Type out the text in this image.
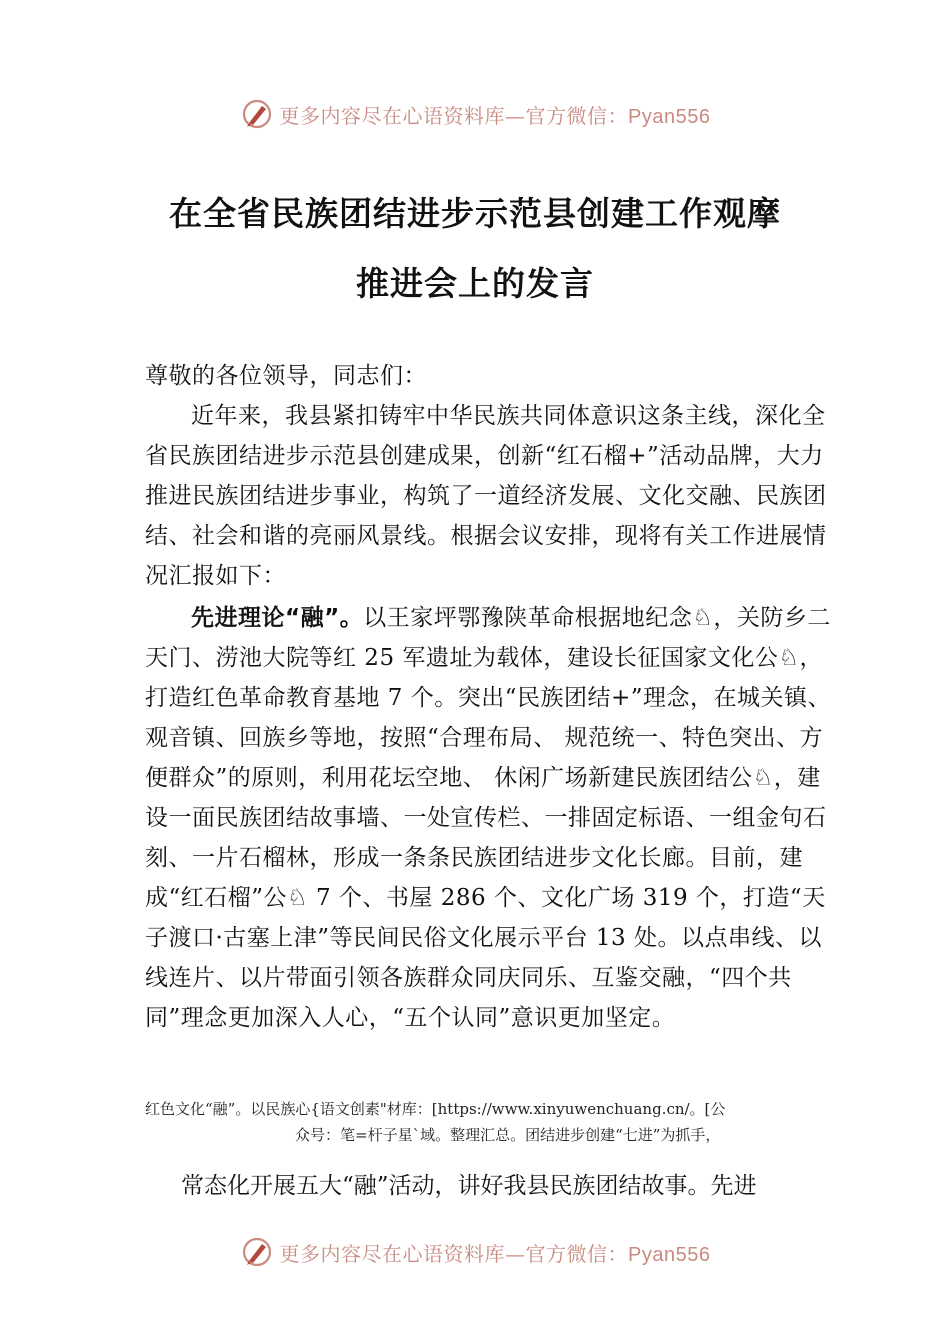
更多内容尽在心语资料库—官方微信：Pyan556
在全省民族团结进步示范县创建工作观摩
推进会上的发言
尊敬的各位领导，同志们：
近年来，我县紧扣铸牢中华民族共同体意识这条主线，深化全省民族团结进步示范县创建成果，创新“红石榴+”活动品牌，大力推进民族团结进步事业，构筑了一道经济发展、文化交融、民族团结、社会和谐的亮丽风景线。根据会议安排，现将有关工作进展情况汇报如下：
先进理论“融”。以王家坪鄂豫陕革命根据地纪念♘，关防乡二天门、涝池大院等红 25 军遗址为载体，建设长征国家文化公♘，打造红色革命教育基地 7 个。突出“民族团结+”理念，在城关镇、观音镇、回族乡等地，按照“合理布局、 规范统一、特色突出、方便群众”的原则，利用花坛空地、 休闲广场新建民族团结公♘，建设一面民族团结故事墙、一处宣传栏、一排固定标语、一组金句石刻、一片石榴林，形成一条条民族团结进步文化长廊。目前，建成“红石榴”公♘ 7 个、书屋 286 个、文化广场 319 个，打造“天子渡口·古塞上津”等民间民俗文化展示平台 13 处。以点串线、以线连片、以片带面引领各族群众同庆同乐、互鉴交融，“四个共同”理念更加深入人心，“五个认同”意识更加坚定。
红色文化“融”。以民族心{语文创素"材库：[https://www.xinyuwenchuang.cn/。[公
众号：笔=杆子星`域。整理汇总。团结进步创建“七进”为抓手，
常态化开展五大“融”活动，讲好我县民族团结故事。先进
更多内容尽在心语资料库—官方微信：Pyan556
